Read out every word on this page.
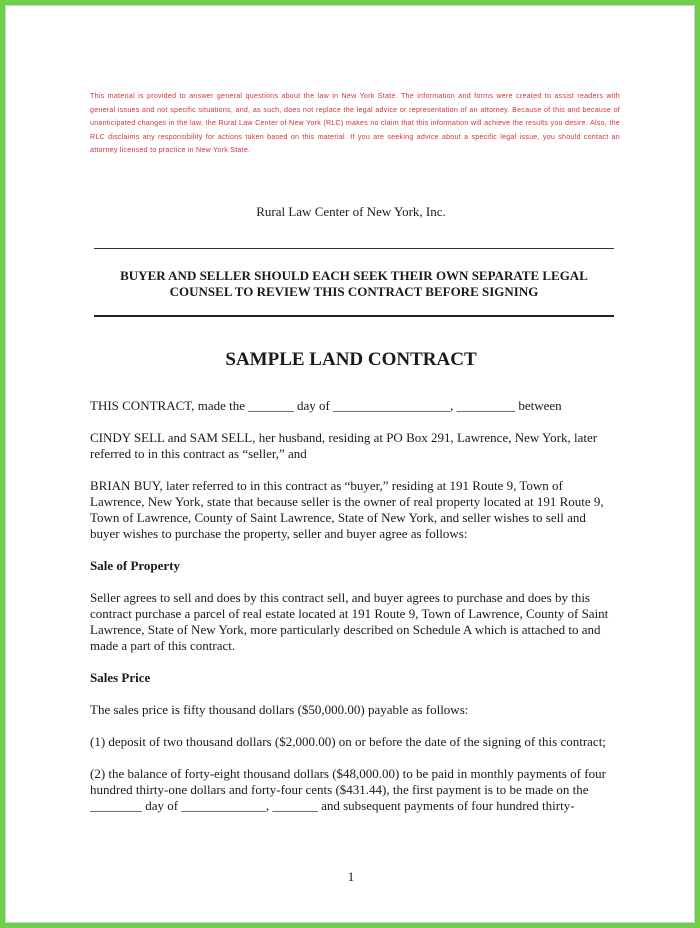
This material is provided to answer general questions about the law in New York State. The information and forms were created to assist readers with general issues and not specific situations, and, as such, does not replace the legal advice or representation of an attorney. Because of this and because of unanticipated changes in the law, the Rural Law Center of New York (RLC) makes no claim that this information will achieve the results you desire. Also, the RLC disclaims any responsibility for actions taken based on this material. If you are seeking advice about a specific legal issue, you should contact an attorney licensed to practice in New York State.
Rural Law Center of New York, Inc.
BUYER AND SELLER SHOULD EACH SEEK THEIR OWN SEPARATE LEGAL COUNSEL TO REVIEW THIS CONTRACT BEFORE SIGNING
SAMPLE LAND CONTRACT

THIS CONTRACT, made the _______ day of __________________, _________ between

CINDY SELL and SAM SELL, her husband, residing at PO Box 291, Lawrence, New York, later referred to in this contract as “seller,” and

BRIAN BUY, later referred to in this contract as “buyer,” residing at 191 Route 9, Town of Lawrence, New York, state that because seller is the owner of real property located at 191 Route 9, Town of Lawrence, County of Saint Lawrence, State of New York, and seller wishes to sell and buyer wishes to purchase the property, seller and buyer agree as follows:

Sale of Property

Seller agrees to sell and does by this contract sell, and buyer agrees to purchase and does by this contract purchase a parcel of real estate located at 191 Route 9, Town of Lawrence, County of Saint Lawrence, State of New York, more particularly described on Schedule A which is attached to and made a part of this contract.

Sales Price

The sales price is fifty thousand dollars ($50,000.00) payable as follows:

(1) deposit of two thousand dollars ($2,000.00) on or before the date of the signing of this contract;

(2) the balance of forty-eight thousand dollars ($48,000.00) to be paid in monthly payments of four hundred thirty-one dollars and forty-four cents ($431.44), the first payment is to be made on the ________ day of _____________, _______ and subsequent payments of four hundred thirty-

1
